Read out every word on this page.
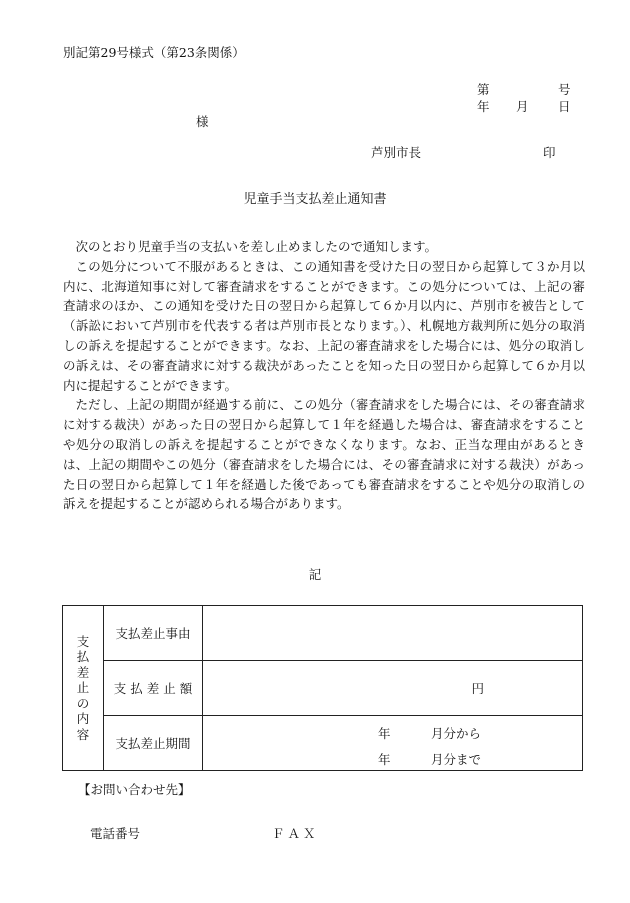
別記第29号様式（第23条関係）
第	号
年 月 日
様
芦別市長	印
児童手当支払差止通知書

次のとおり児童手当の支払いを差し止めましたので通知します。

この処分について不服があるときは、この通知書を受けた日の翌日から起算して３か月以内に、北海道知事に対して審査請求をすることができます。この処分については、上記の審査請求のほか、この通知を受けた日の翌日から起算して６か月以内に、芦別市を被告として（訴訟において芦別市を代表する者は芦別市長となります。）、札幌地方裁判所に処分の取消しの訴えを提起することができます。なお、上記の審査請求をした場合には、処分の取消しの訴えは、その審査請求に対する裁決があったことを知った日の翌日から起算して６か月以内に提起することができます。

ただし、上記の期間が経過する前に、この処分（審査請求をした場合には、その審査請求に対する裁決）があった日の翌日から起算して１年を経過した場合は、審査請求をすることや処分の取消しの訴えを提起することができなくなります。なお、正当な理由があるときは、上記の期間やこの処分（審査請求をした場合には、その審査請求に対する裁決）があった日の翌日から起算して１年を経過した後であっても審査請求をすることや処分の取消しの訴えを提起することが認められる場合があります。

記
支払差止の内容	支払差止事由	
	支 払 差 止 額	円

	支払差止期間	年 月分から
年 月分まで
【お問い合わせ先】
電話番号	ＦＡＸ
